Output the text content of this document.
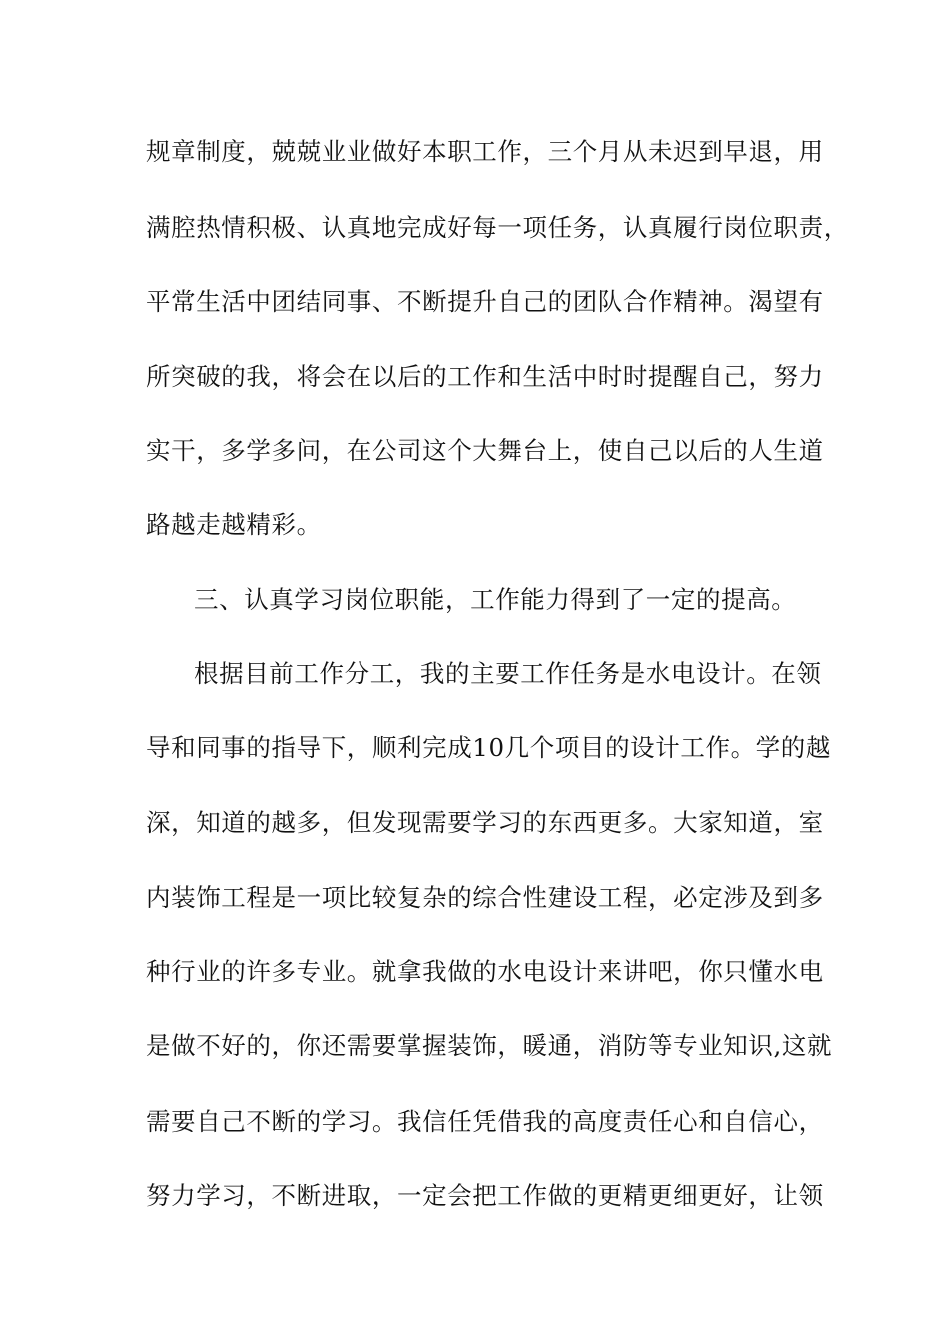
规章制度，兢兢业业做好本职工作，三个月从未迟到早退，用
满腔热情积极、认真地完成好每一项任务，认真履行岗位职责，
平常生活中团结同事、不断提升自己的团队合作精神。渴望有
所突破的我，将会在以后的工作和生活中时时提醒自己，努力
实干，多学多问，在公司这个大舞台上，使自己以后的人生道
路越走越精彩。
三、认真学习岗位职能，工作能力得到了一定的提高。
根据目前工作分工，我的主要工作任务是水电设计。在领
导和同事的指导下，顺利完成10几个项目的设计工作。学的越
深，知道的越多，但发现需要学习的东西更多。大家知道，室
内装饰工程是一项比较复杂的综合性建设工程，必定涉及到多
种行业的许多专业。就拿我做的水电设计来讲吧，你只懂水电
是做不好的，你还需要掌握装饰，暖通，消防等专业知识,这就
需要自己不断的学习。我信任凭借我的高度责任心和自信心，
努力学习，不断进取，一定会把工作做的更精更细更好，让领
